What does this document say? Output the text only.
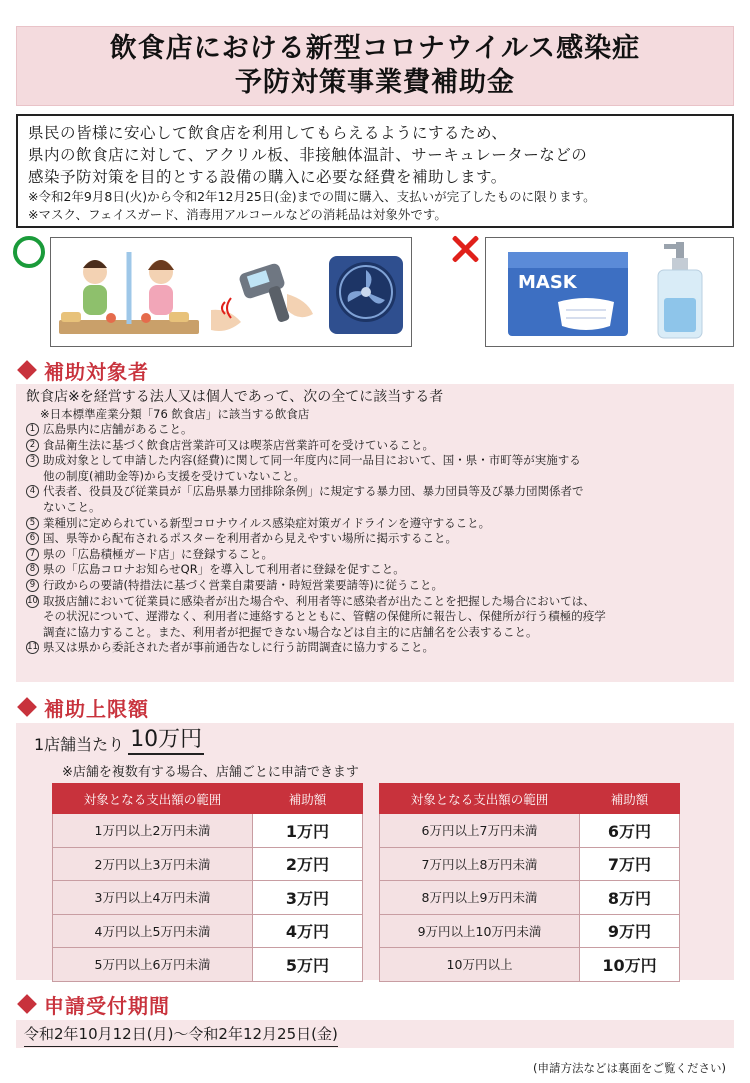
飲食店における新型コロナウイルス感染症
予防対策事業費補助金
県民の皆様に安心して飲食店を利用してもらえるようにするため、
県内の飲食店に対して、アクリル板、非接触体温計、サーキュレーターなどの
感染予防対策を目的とする設備の購入に必要な経費を補助します。
※令和2年9月8日(火)から令和2年12月25日(金)までの間に購入、支払いが完了したものに限ります。
※マスク、フェイスガード、消毒用アルコールなどの消耗品は対象外です。
MASK
補助対象者
飲食店※を経営する法人又は個人であって、次の全てに該当する者
※日本標準産業分類「76 飲食店」に該当する飲食店
1 広島県内に店舗があること。
2 食品衛生法に基づく飲食店営業許可又は喫茶店営業許可を受けていること。
3 助成対象として申請した内容(経費)に関して同一年度内に同一品目において、国・県・市町等が実施する
他の制度(補助金等)から支援を受けていないこと。
4 代表者、役員及び従業員が「広島県暴力団排除条例」に規定する暴力団、暴力団員等及び暴力団関係者で
ないこと。
5 業種別に定められている新型コロナウイルス感染症対策ガイドラインを遵守すること。
6 国、県等から配布されるポスターを利用者から見えやすい場所に掲示すること。
7 県の「広島積極ガード店」に登録すること。
8 県の「広島コロナお知らせQR」を導入して利用者に登録を促すこと。
9 行政からの要請(特措法に基づく営業自粛要請・時短営業要請等)に従うこと。
10 取扱店舗において従業員に感染者が出た場合や、利用者等に感染者が出たことを把握した場合においては、
その状況について、遅滞なく、利用者に連絡するとともに、管轄の保健所に報告し、保健所が行う積極的疫学
調査に協力すること。また、利用者が把握できない場合などは自主的に店舗名を公表すること。
11 県又は県から委託された者が事前通告なしに行う訪問調査に協力すること。
補助上限額
1店舗当たり 10万円
※店舗を複数有する場合、店舗ごとに申請できます
対象となる支出額の範囲	補助額
1万円以上2万円未満	1万円
2万円以上3万円未満	2万円
3万円以上4万円未満	3万円
4万円以上5万円未満	4万円
5万円以上6万円未満	5万円
対象となる支出額の範囲	補助額
6万円以上7万円未満	6万円
7万円以上8万円未満	7万円
8万円以上9万円未満	8万円
9万円以上10万円未満	9万円
10万円以上	10万円
申請受付期間
令和2年10月12日(月)～令和2年12月25日(金)
(申請方法などは裏面をご覧ください)
